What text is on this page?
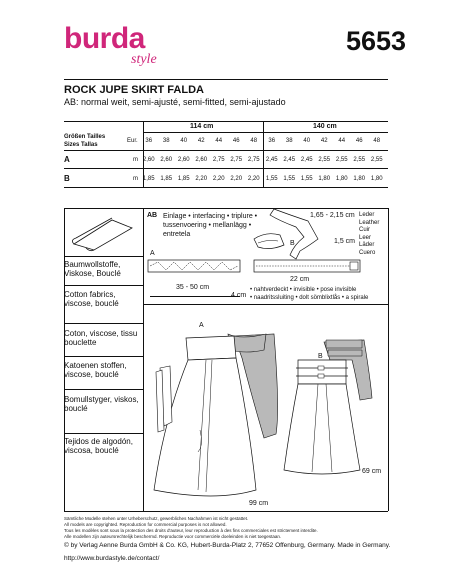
burda
style
5653
ROCK JUPE SKIRT FALDA
AB: normal weit, semi-ajusté, semi-fitted, semi-ajustado
114 cm	140 cm
Größen Tailles
Sizes Tallas
Eur.	36	38	40	42	44	46	48	36	38	40	42	44	46	48
A	m 2,60 2,60 2,60 2,60 2,75 2,75 2,75	2,45 2,45 2,45 2,55 2,55 2,55 2,55
B	m 1,85 1,85 1,85 2,20 2,20 2,20 2,20	1,55 1,55 1,55 1,80 1,80 1,80 1,80
Baumwollstoffe, Viskose, Bouclé
Cotton fabrics, viscose, bouclé
Coton, viscose, tissu bouclette
Katoenen stoffen, viscose, bouclé
Bomullstyger, viskos, bouclé
Tejidos de algodón, viscosa, bouclé
AB Einlage • interfacing • triplure •
tussenvoering • mellanlägg •
entretela
A
35 - 50 cm
1,65 - 2,15 cm Leder
Leather
Cuir
Leer
Läder
Cuero
1,5 cm
B
22 cm
4 cm
• nahtverdeckt • invisible • pose invisible
• naadritssluiting • dolt sömblixtlås • a spirale
A
99 cm
B
69 cm
Sämtliche Modelle stehen unter Urheberschutz, gewerbliches Nachahmen ist nicht gestattet.
All models are copyrighted. Reproduction for commercial purposes is not allowed.
Tous les modèles sont sous la protection des droits d'auteur, leur reproduction à des fins commerciales est strictement interdite.
Alle modellen zijn auteursrechtelijk beschermd. Reproductie voor commerciële doeleinden is niet toegestaan.
© by Verlag Aenne Burda GmbH & Co. KG, Hubert-Burda-Platz 2, 77652 Offenburg, Germany. Made in Germany.
http://www.burdastyle.de/contact/
